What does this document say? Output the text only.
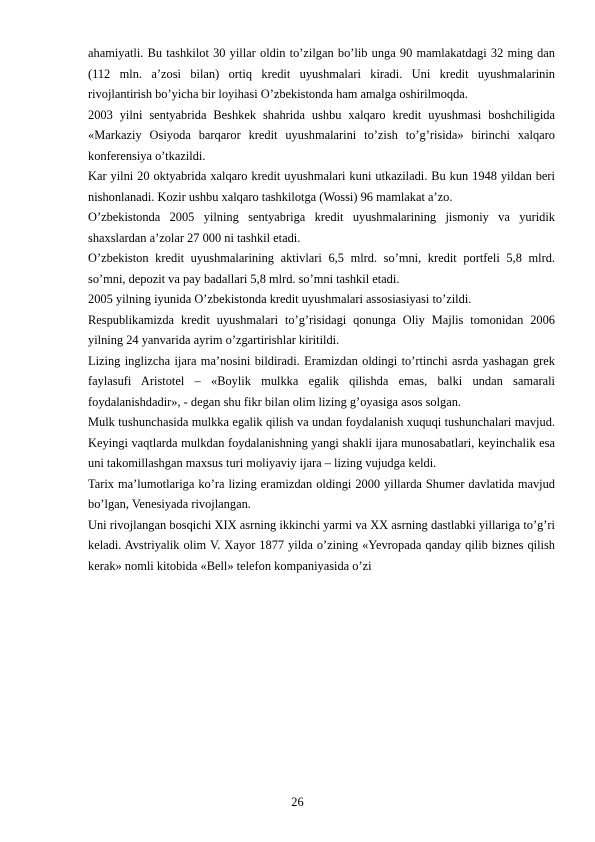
ahamiyatli. Bu tashkilot 30 yillar oldin to’zilgan bo’lib unga 90 mamlakatdagi 32 ming dan (112 mln. a’zosi bilan) ortiq kredit uyushmalari kiradi. Uni kredit uyushmalarinin rivojlantirish bo’yicha bir loyihasi O’zbekistonda ham amalga oshirilmoqda.

2003 yilni sentyabrida Beshkek shahrida ushbu xalqaro kredit uyushmasi boshchiligida «Markaziy Osiyoda barqaror kredit uyushmalarini to’zish to’g’risida» birinchi xalqaro konferensiya o’tkazildi.

Kar yilni 20 oktyabrida xalqaro kredit uyushmalari kuni utkaziladi. Bu kun 1948 yildan beri nishonlanadi. Kozir ushbu xalqaro tashkilotga (Wossi) 96 mamlakat a’zo.

O’zbekistonda 2005 yilning sentyabriga kredit uyushmalarining jismoniy va yuridik shaxslardan a’zolar 27 000 ni tashkil etadi.

O’zbekiston kredit uyushmalarining aktivlari 6,5 mlrd. so’mni, kredit portfeli 5,8 mlrd. so’mni, depozit va pay badallari 5,8 mlrd. so’mni tashkil etadi.

2005 yilning iyunida O’zbekistonda kredit uyushmalari assosiasiyasi to’zildi.

Respublikamizda kredit uyushmalari to’g’risidagi qonunga Oliy Majlis tomonidan 2006 yilning 24 yanvarida ayrim o’zgartirishlar kiritildi.

Lizing inglizcha ijara ma’nosini bildiradi. Eramizdan oldingi to’rtinchi asrda yashagan grek faylasufi Aristotel – «Boylik mulkka egalik qilishda emas, balki undan samarali foydalanishdadir», - degan shu fikr bilan olim lizing g’oyasiga asos solgan.

Mulk tushunchasida mulkka egalik qilish va undan foydalanish xuquqi tushunchalari mavjud. Keyingi vaqtlarda mulkdan foydalanishning yangi shakli ijara munosabatlari, keyinchalik esa uni takomillashgan maxsus turi moliyaviy ijara – lizing vujudga keldi.

Tarix ma’lumotlariga ko’ra lizing eramizdan oldingi 2000 yillarda Shumer davlatida mavjud bo’lgan, Venesiyada rivojlangan.

Uni rivojlangan bosqichi XIX asrning ikkinchi yarmi va XX asrning dastlabki yillariga to’g’ri keladi. Avstriyalik olim V. Xayor 1877 yilda o’zining «Yevropada qanday qilib biznes qilish kerak» nomli kitobida «Bell» telefon kompaniyasida o’zi

26
